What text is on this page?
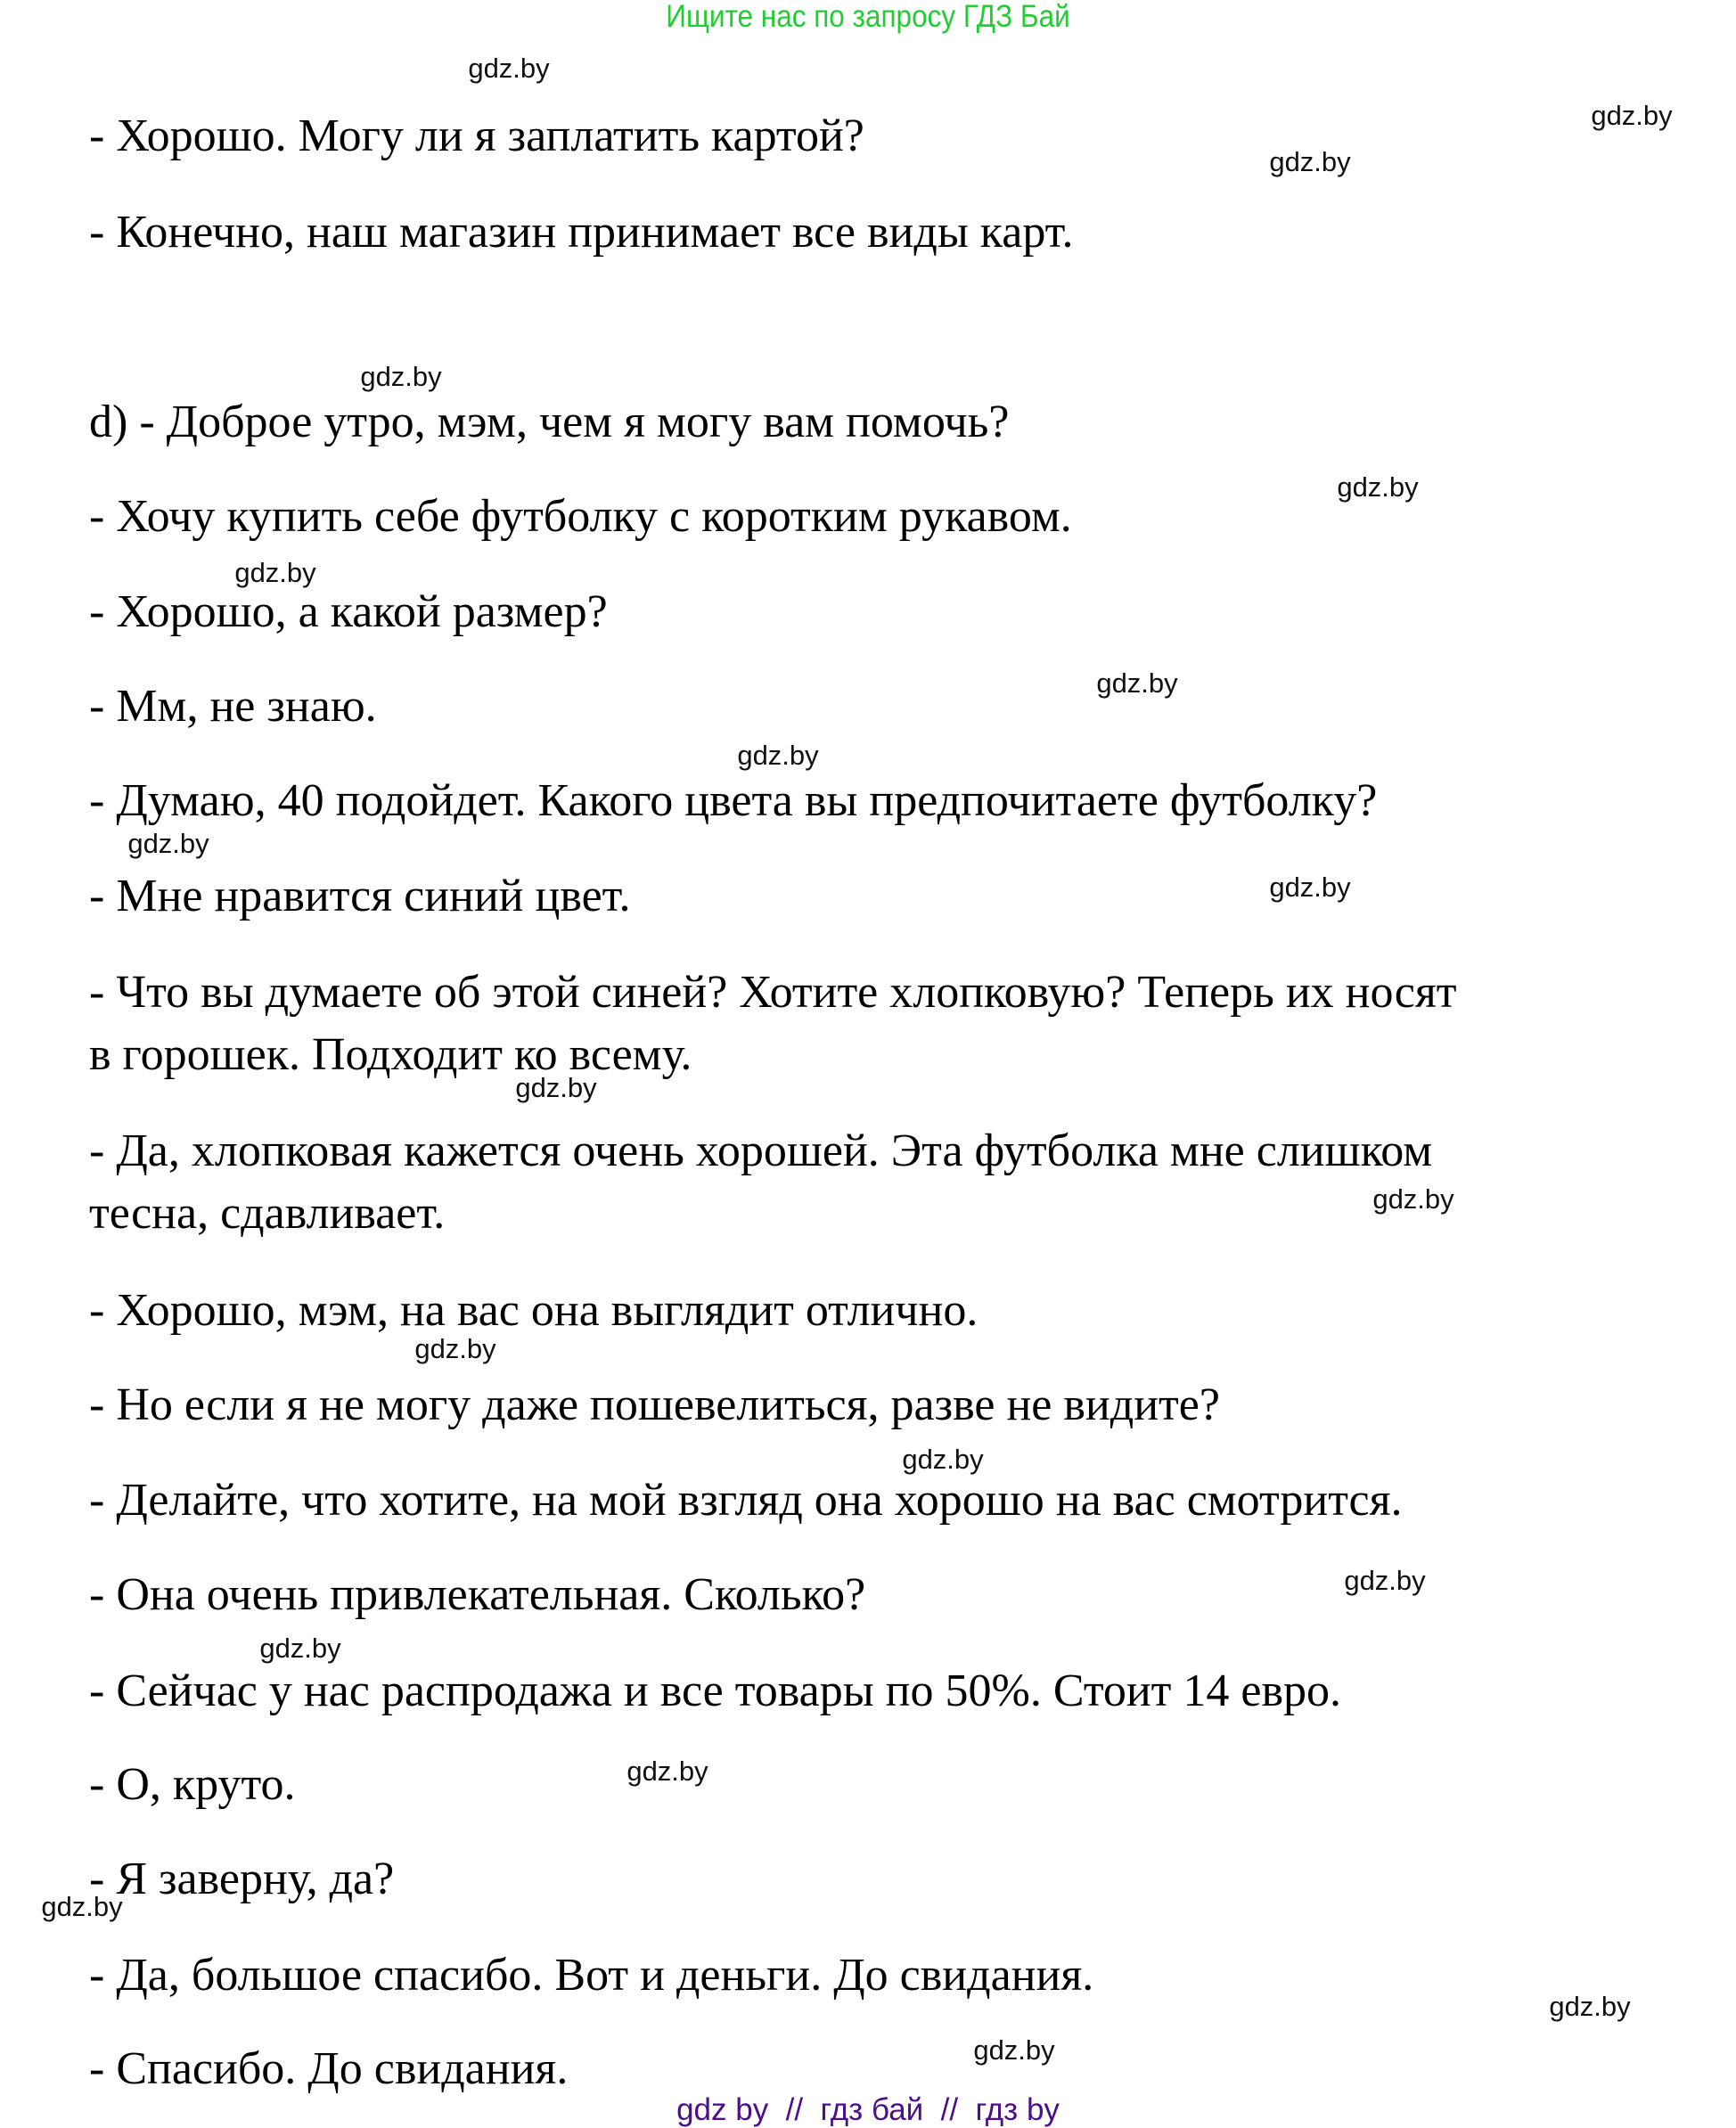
Ищите нас по запросу ГДЗ Бай
- Хорошо. Могу ли я заплатить картой?
- Конечно, наш магазин принимает все виды карт.
d) - Доброе утро, мэм, чем я могу вам помочь?
- Хочу купить себе футболку с коротким рукавом.
- Хорошо, а какой размер?
- Мм, не знаю.
- Думаю, 40 подойдет. Какого цвета вы предпочитаете футболку?
- Мне нравится синий цвет.
- Что вы думаете об этой синей? Хотите хлопковую? Теперь их носят
в горошек. Подходит ко всему.
- Да, хлопковая кажется очень хорошей. Эта футболка мне слишком
тесна, сдавливает.
- Хорошо, мэм, на вас она выглядит отлично.
- Но если я не могу даже пошевелиться, разве не видите?
- Делайте, что хотите, на мой взгляд она хорошо на вас смотрится.
- Она очень привлекательная. Сколько?
- Сейчас у нас распродажа и все товары по 50%. Стоит 14 евро.
- О, круто.
- Я заверну, да?
- Да, большое спасибо. Вот и деньги. До свидания.
- Спасибо. До свидания.
gdz.by
gdz.by
gdz.by
gdz.by
gdz.by
gdz.by
gdz.by
gdz.by
gdz.by
gdz.by
gdz.by
gdz.by
gdz.by
gdz.by
gdz.by
gdz.by
gdz.by
gdz.by
gdz.by
gdz.by
gdz by  //  гдз бай  //  гдз by
